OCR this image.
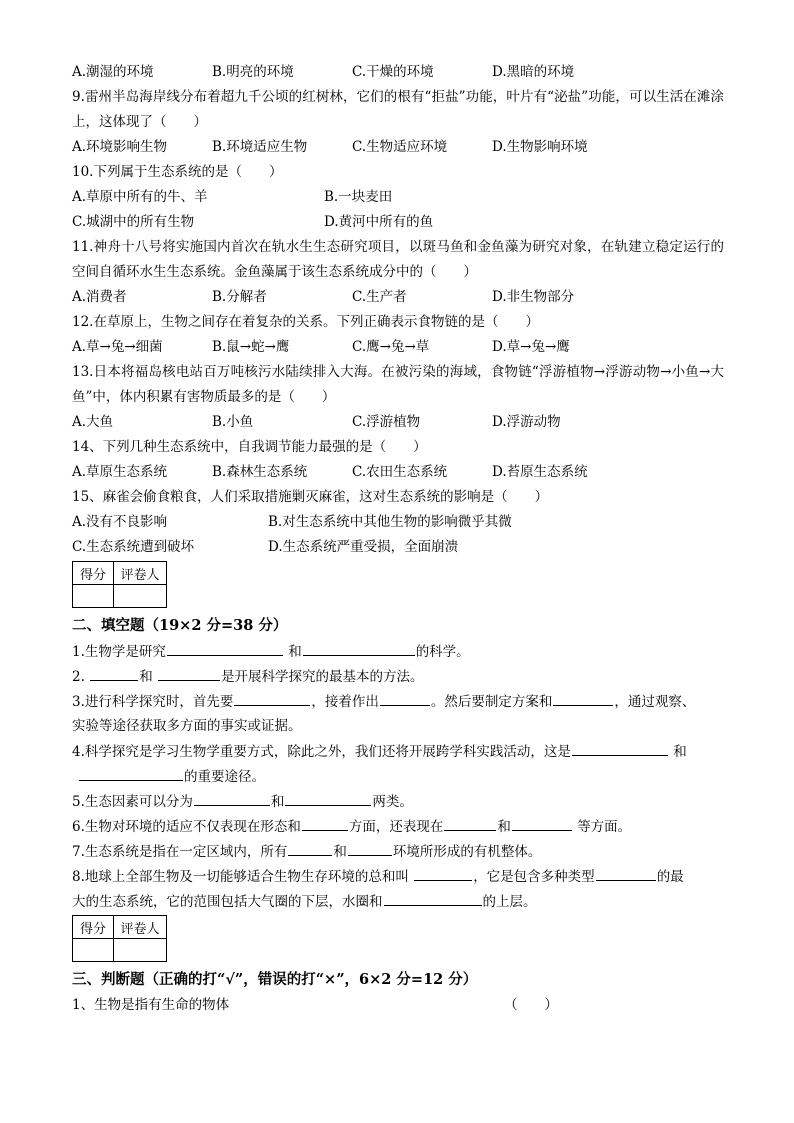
A.潮湿的环境	B.明亮的环境	C.干燥的环境	D.黑暗的环境
9.雷州半岛海岸线分布着超九千公顷的红树林，它们的根有“拒盐”功能，叶片有“泌盐”功能，可以生活在滩涂上，这体现了（　　）
A.环境影响生物	B.环境适应生物	C.生物适应环境	D.生物影响环境
10.下列属于生态系统的是（　　）
A.草原中所有的牛、羊	B.一块麦田
C.城湖中的所有生物	D.黄河中所有的鱼
11.神舟十八号将实施国内首次在轨水生生态研究项目，以斑马鱼和金鱼藻为研究对象，在轨建立稳定运行的空间自循环水生生态系统。金鱼藻属于该生态系统成分中的（　　）
A.消费者	B.分解者	C.生产者	D.非生物部分
12.在草原上，生物之间存在着复杂的关系。下列正确表示食物链的是（　　）
A.草→兔→细菌	B.鼠→蛇→鹰	C.鹰→兔→草	D.草→兔→鹰
13.日本将福岛核电站百万吨核污水陆续排入大海。在被污染的海域，食物链“浮游植物→浮游动物→小鱼→大鱼”中，体内积累有害物质最多的是（　　）
A.大鱼	B.小鱼	C.浮游植物	D.浮游动物
14、下列几种生态系统中，自我调节能力最强的是（　　）
A.草原生态系统	B.森林生态系统	C.农田生态系统	D.苔原生态系统
15、麻雀会偷食粮食，人们采取措施剿灭麻雀，这对生态系统的影响是（　　）
A.没有不良影响	B.对生态系统中其他生物的影响微乎其微
C.生态系统遭到破坏	D.生态系统严重受损，全面崩溃
得分	评卷人

二、填空题（19×2 分=38 分）
1.生物学是研究	和	的科学。
2.	和	是开展科学探究的最基本的方法。
3.进行科学探究时，首先要	，接着作出	。然后要制定方案和	，通过观察、
实验等途径获取多方面的事实或证据。
4.科学探究是学习生物学重要方式，除此之外，我们还将开展跨学科实践活动，这是	和
的重要途径。
5.生态因素可以分为	和	两类。
6.生物对环境的适应不仅表现在形态和	方面，还表现在	和	等方面。
7.生态系统是指在一定区域内，所有	和	环境所形成的有机整体。
8.地球上全部生物及一切能够适合生物生存环境的总和叫	，它是包含多种类型	的最
大的生态系统，它的范围包括大气圈的下层，水圈和	的上层。
得分	评卷人

三、判断题（正确的打“√”，错误的打“×”，6×2 分=12 分）
1、生物是指有生命的物体	（　　）
